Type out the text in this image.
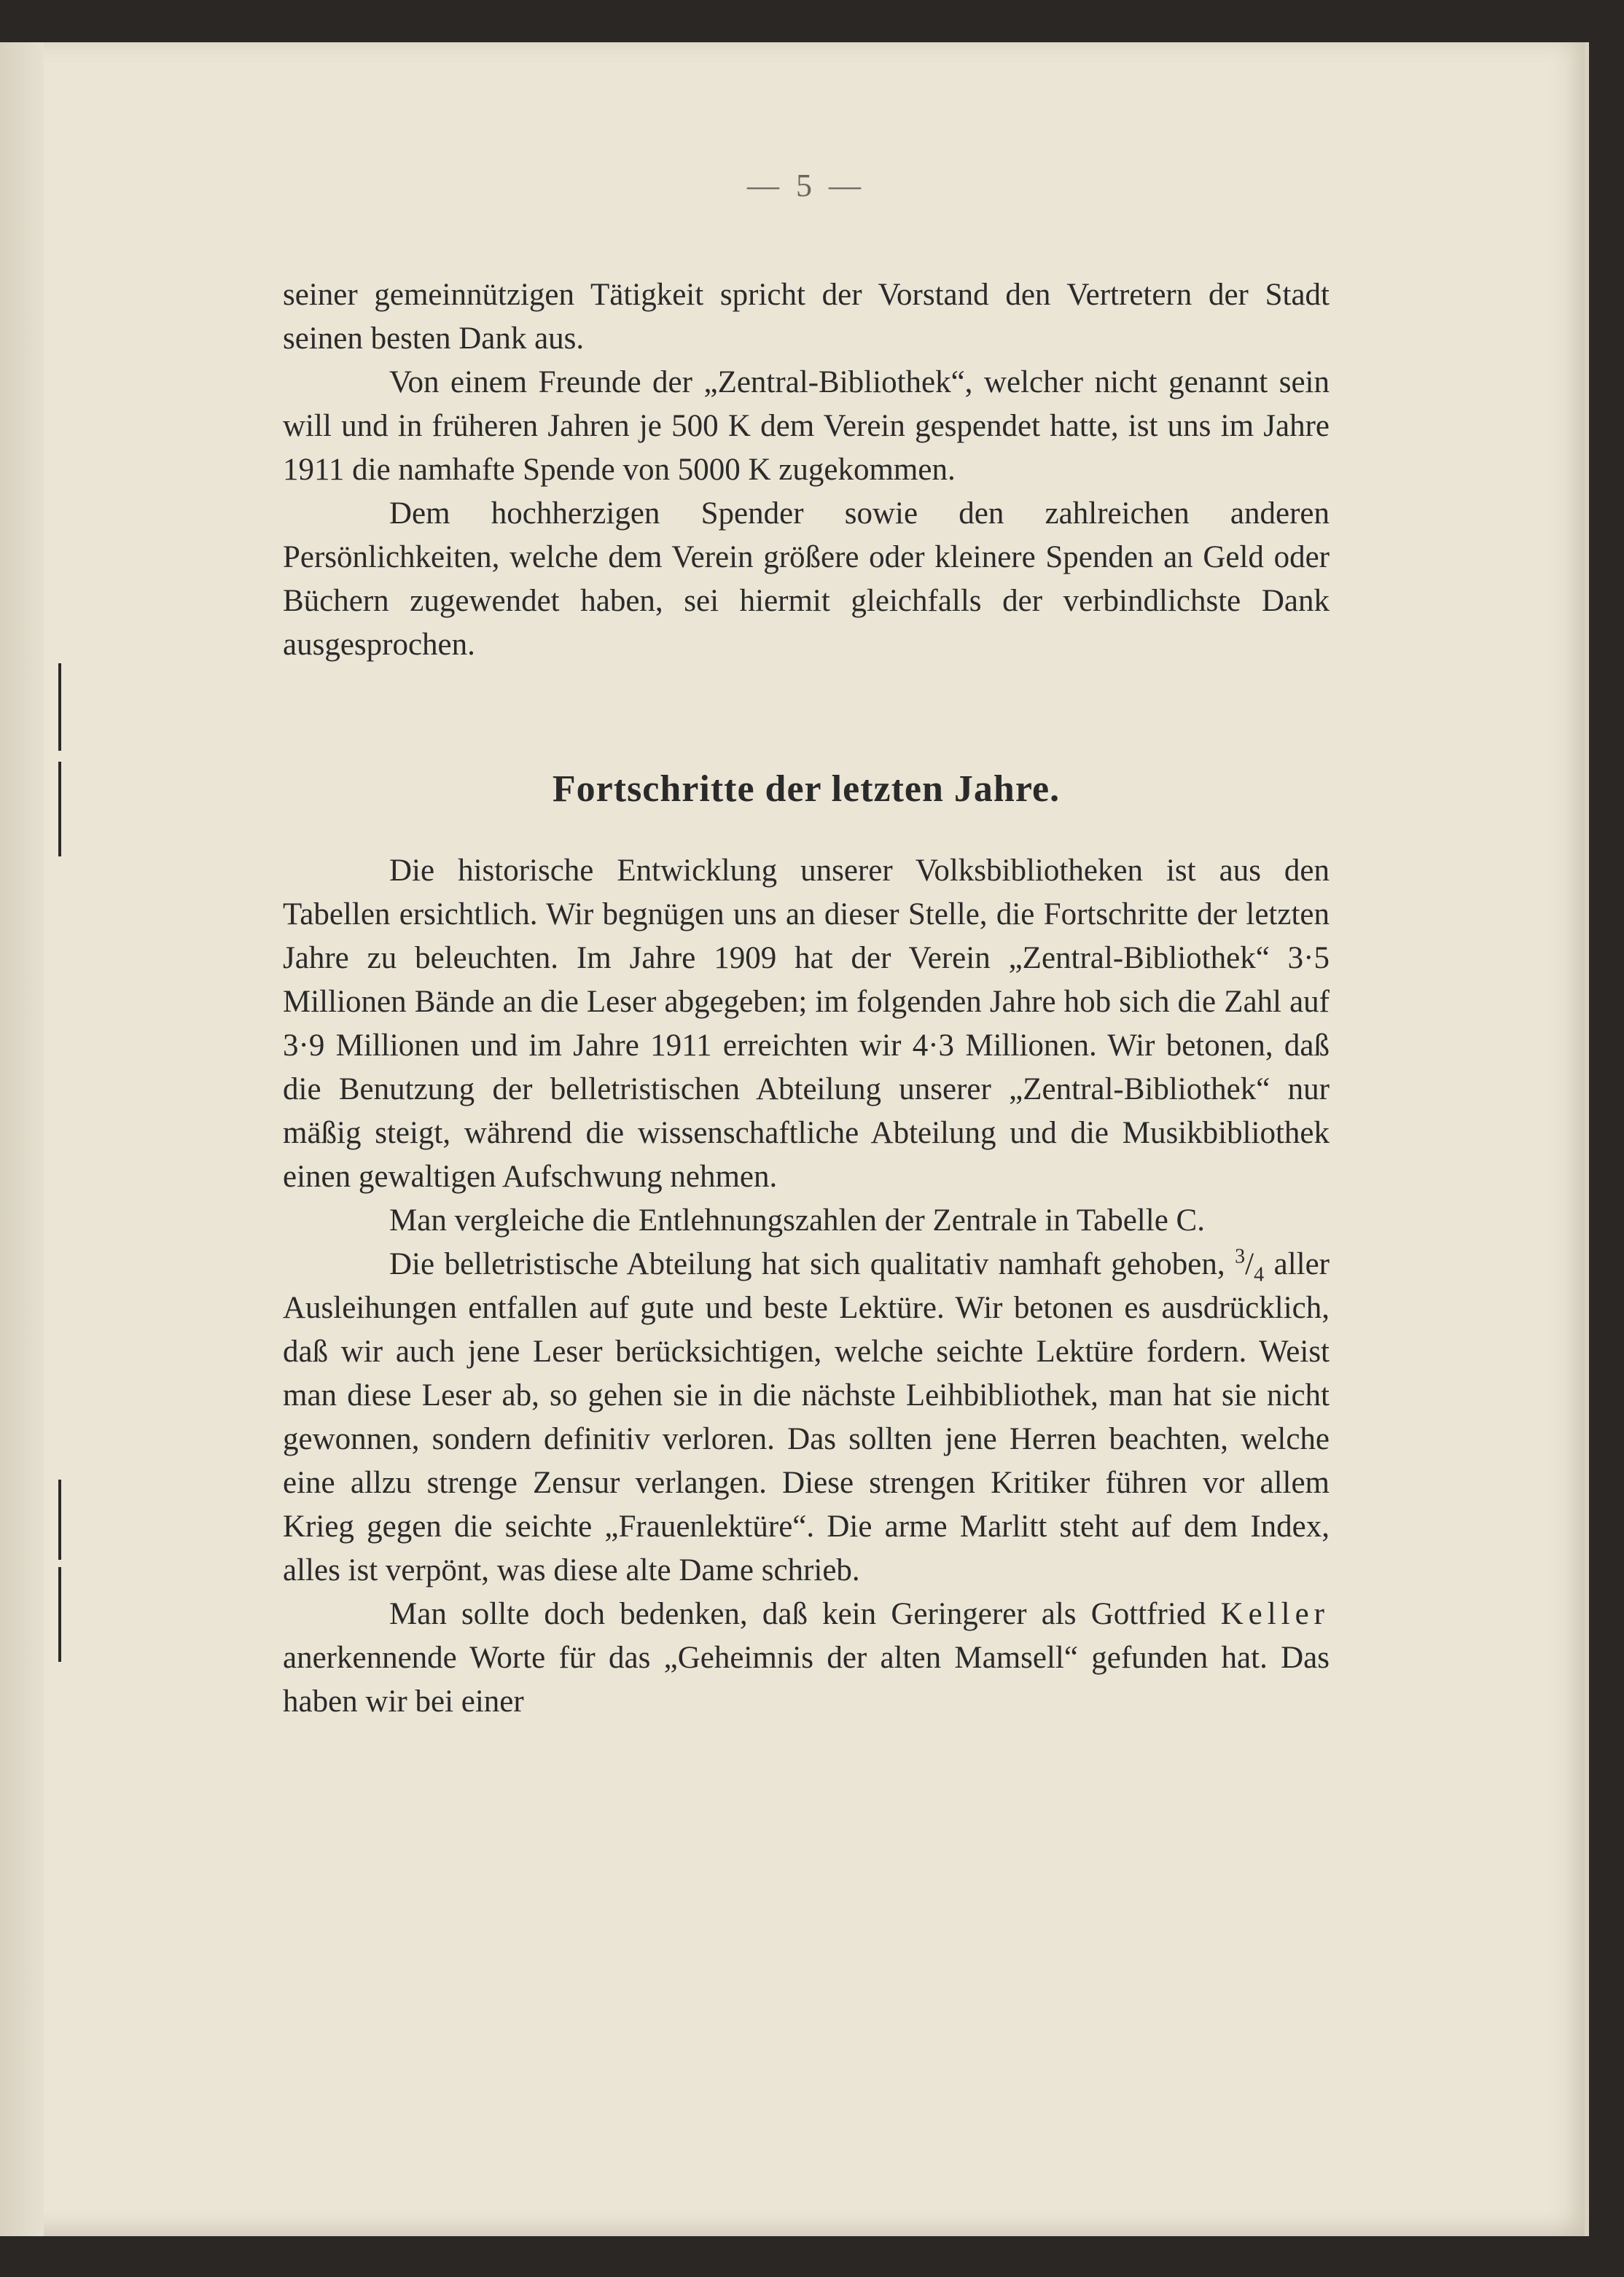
— 5 —

seiner gemeinnützigen Tätigkeit spricht der Vorstand den Vertretern der Stadt seinen besten Dank aus.

Von einem Freunde der „Zentral-Bibliothek“, welcher nicht genannt sein will und in früheren Jahren je 500 K dem Verein gespendet hatte, ist uns im Jahre 1911 die namhafte Spende von 5000 K zugekommen.

Dem hochherzigen Spender sowie den zahlreichen anderen Persönlichkeiten, welche dem Verein größere oder kleinere Spenden an Geld oder Büchern zugewendet haben, sei hiermit gleichfalls der verbindlichste Dank ausgesprochen.

Fortschritte der letzten Jahre.

Die historische Entwicklung unserer Volksbibliotheken ist aus den Tabellen ersichtlich. Wir begnügen uns an dieser Stelle, die Fortschritte der letzten Jahre zu beleuchten. Im Jahre 1909 hat der Verein „Zentral-Bibliothek“ 3·5 Millionen Bände an die Leser abgegeben; im folgenden Jahre hob sich die Zahl auf 3·9 Millionen und im Jahre 1911 erreichten wir 4·3 Millionen. Wir betonen, daß die Benutzung der belletristischen Abteilung unserer „Zentral-Bibliothek“ nur mäßig steigt, während die wissenschaftliche Abteilung und die Musikbibliothek einen gewaltigen Aufschwung nehmen.

Man vergleiche die Entlehnungszahlen der Zentrale in Tabelle C.

Die belletristische Abteilung hat sich qualitativ namhaft gehoben, $^3/_4$ aller Ausleihungen entfallen auf gute und beste Lektüre. Wir betonen es ausdrücklich, daß wir auch jene Leser berücksichtigen, welche seichte Lektüre fordern. Weist man diese Leser ab, so gehen sie in die nächste Leihbibliothek, man hat sie nicht gewonnen, sondern definitiv verloren. Das sollten jene Herren beachten, welche eine allzu strenge Zensur verlangen. Diese strengen Kritiker führen vor allem Krieg gegen die seichte „Frauenlektüre“. Die arme Marlitt steht auf dem Index, alles ist verpönt, was diese alte Dame schrieb.

Man sollte doch bedenken, daß kein Geringerer als Gottfried Keller anerkennende Worte für das „Geheimnis der alten Mamsell“ gefunden hat. Das haben wir bei einer
